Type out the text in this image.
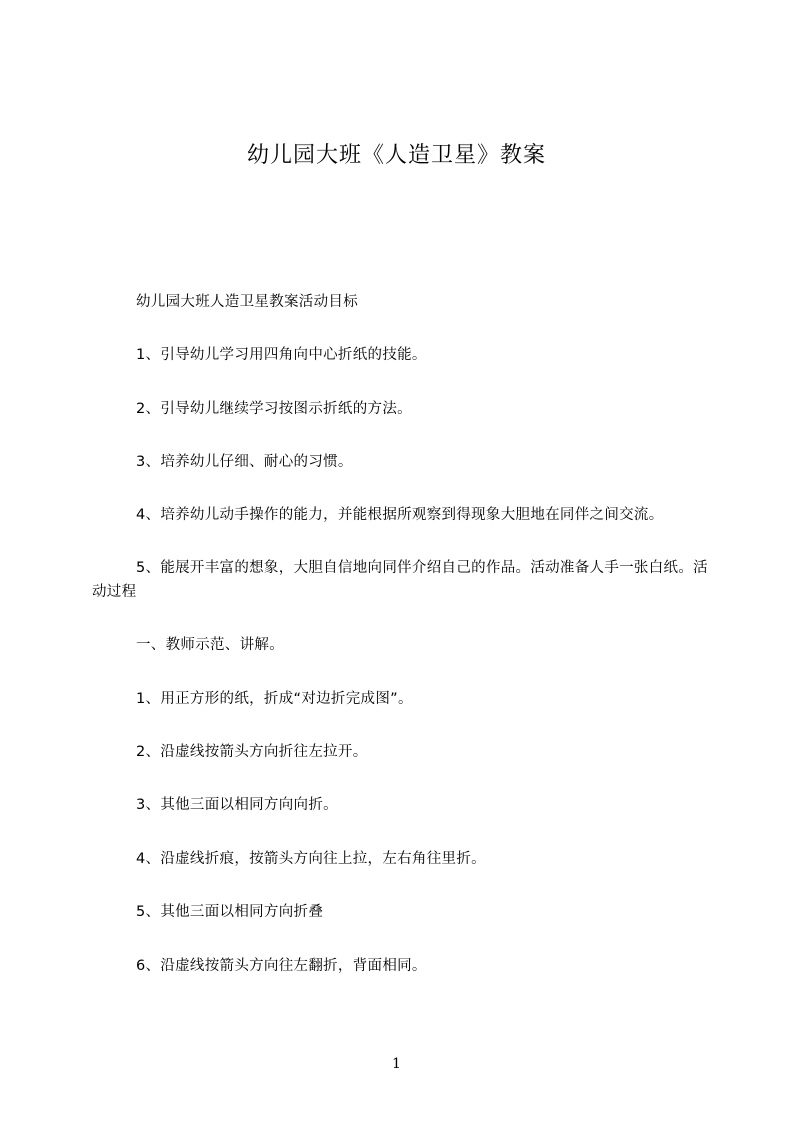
幼儿园大班《人造卫星》教案
幼儿园大班人造卫星教案活动目标
1、引导幼儿学习用四角向中心折纸的技能。
2、引导幼儿继续学习按图示折纸的方法。
3、培养幼儿仔细、耐心的习惯。
4、培养幼儿动手操作的能力，并能根据所观察到得现象大胆地在同伴之间交流。
5、能展开丰富的想象，大胆自信地向同伴介绍自己的作品。活动准备人手一张白纸。活动过程
一、教师示范、讲解。
1、用正方形的纸，折成“对边折完成图”。
2、沿虚线按箭头方向折往左拉开。
3、其他三面以相同方向向折。
4、沿虚线折痕，按箭头方向往上拉，左右角往里折。
5、其他三面以相同方向折叠
6、沿虚线按箭头方向往左翻折，背面相同。
1
